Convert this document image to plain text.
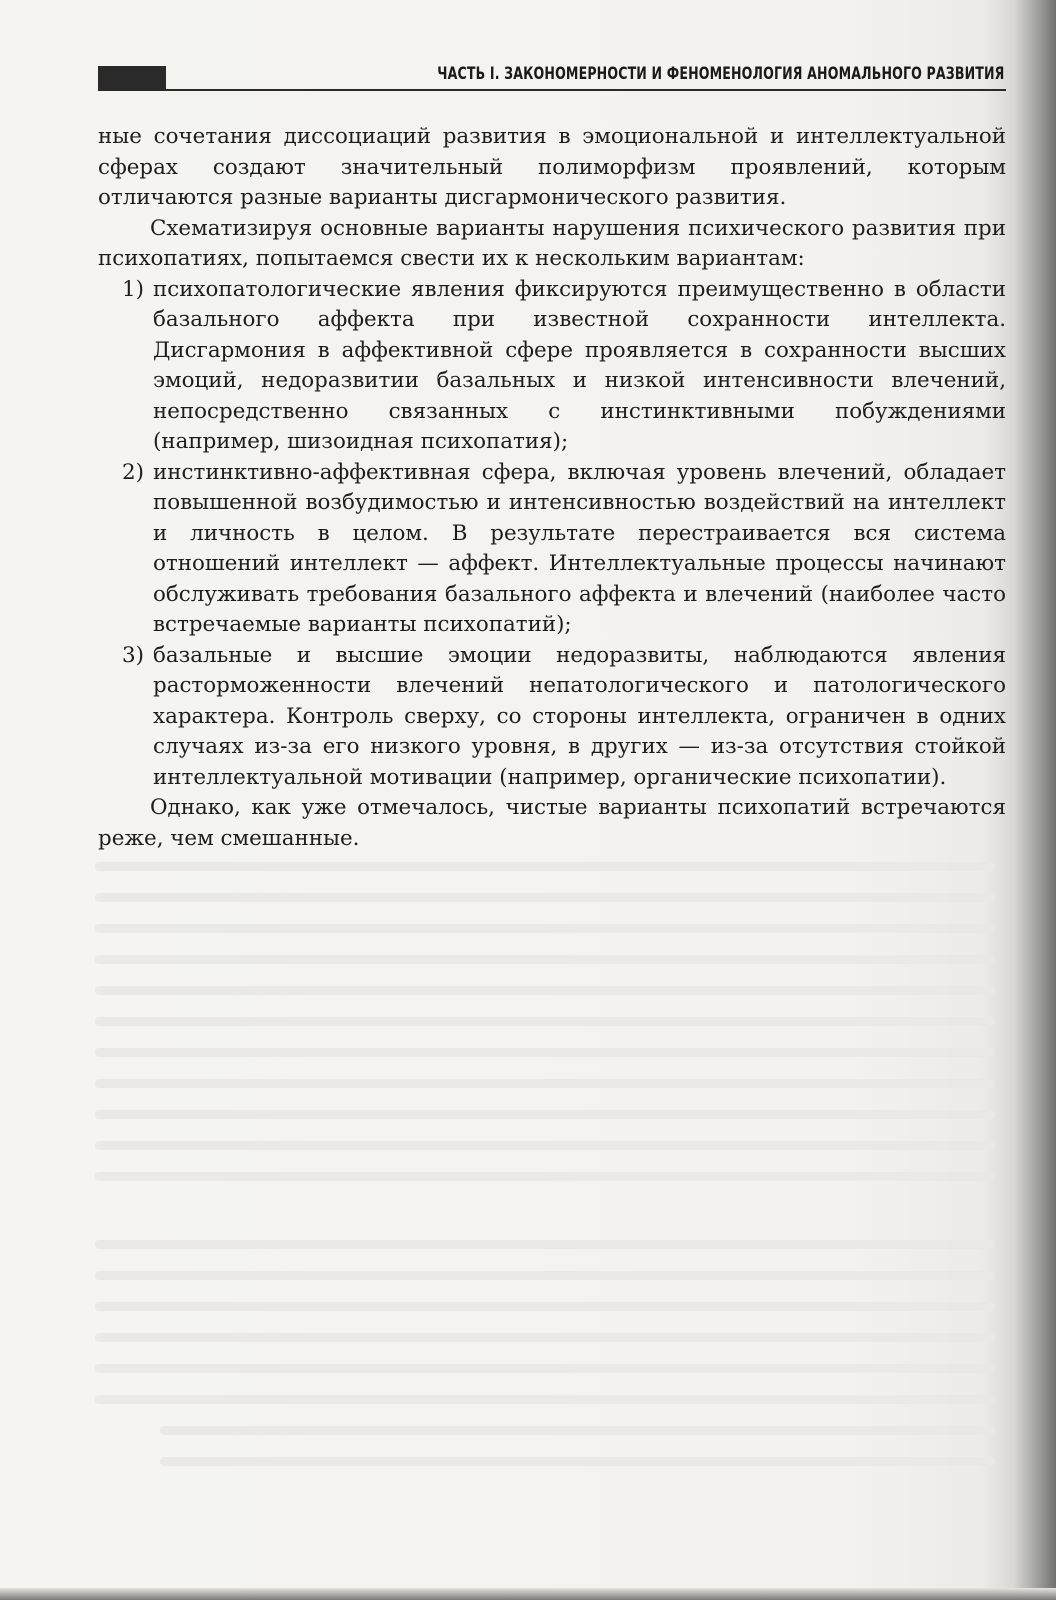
ЧАСТЬ I. ЗАКОНОМЕРНОСТИ И ФЕНОМЕНОЛОГИЯ АНОМАЛЬНОГО РАЗВИТИЯ

ные сочетания диссоциаций развития в эмоциональной и интеллектуальной сферах создают значительный полиморфизм проявлений, которым отличаются разные варианты дисгармонического развития.

Схематизируя основные варианты нарушения психического развития при психопатиях, попытаемся свести их к нескольким вариантам:

1) психопатологические явления фиксируются преимущественно в области базального аффекта при известной сохранности интеллекта. Дисгармония в аффективной сфере проявляется в сохранности высших эмоций, недоразвитии базальных и низкой интенсивности влечений, непосредственно связанных с инстинктивными побуждениями (например, шизоидная психопатия);
2) инстинктивно-аффективная сфера, включая уровень влечений, обладает повышенной возбудимостью и интенсивностью воздействий на интеллект и личность в целом. В результате перестраивается вся система отношений интеллект — аффект. Интеллектуальные процессы начинают обслуживать требования базального аффекта и влечений (наиболее часто встречаемые варианты психопатий);
3) базальные и высшие эмоции недоразвиты, наблюдаются явления расторможенности влечений непатологического и патологического характера. Контроль сверху, со стороны интеллекта, ограничен в одних случаях из-за его низкого уровня, в других — из-за отсутствия стойкой интеллектуальной мотивации (например, органические психопатии).

Однако, как уже отмечалось, чистые варианты психопатий встречаются реже, чем смешанные.
